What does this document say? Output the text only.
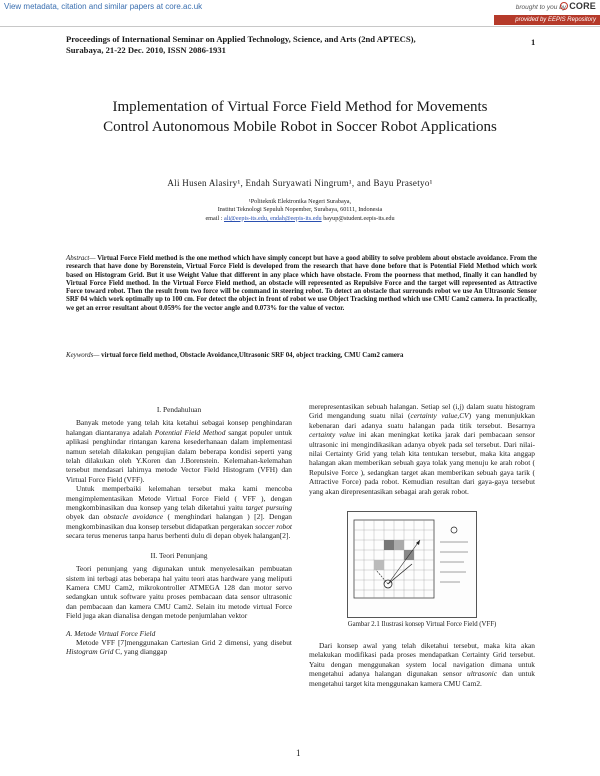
View metadata, citation and similar papers at core.ac.uk	brought to you by CORE
provided by EEPIS Repository
Proceedings of International Seminar on Applied Technology, Science, and Arts (2nd APTECS),
Surabaya, 21-22 Dec. 2010, ISSN 2086-1931
1
Implementation of Virtual Force Field Method for Movements Control Autonomous Mobile Robot in Soccer Robot Applications
Ali Husen Alasiry¹, Endah Suryawati Ningrum¹, and Bayu Prasetyo¹
¹Politeknik Elektronika Negeri Surabaya,
Institut Teknologi Sepuluh Nopember, Surabaya, 60111, Indonesia
email : ali@eepis-its.edu, endah@eepis-its.edu bayup@student.eepis-its.edu
Abstract— Virtual Force Field method is the one method which have simply concept but have a good ability to solve problem about obstacle avoidance. From the research that have done by Borenstein, Virtual Force Field is developed from the research that have done before that is Potential Field Method which work based on Histogram Grid. But it use Weight Value that different in any place which have obstacle. From the poorness that method, finally it can handled by Virtual Force Field method. In the Virtual Force Field method, an obstacle will represented as Repulsive Force and the target will represented as Attractive Force toward robot. Then the result from two force will be command in steering robot. To detect an obstacle that surrounds robot we use An Ultrasonic Sensor SRF 04 which work optimally up to 100 cm. For detect the object in front of robot we use Object Tracking method which use CMU Cam2 camera. In practically, we get an error resultant about 0.059% for the vector angle and 0.073% for the value of vector.
Keywords— virtual force field method, Obstacle Avoidance,Ultrasonic SRF 04, object tracking, CMU Cam2 camera
I. Pendahuluan

Banyak metode yang telah kita ketahui sebagai konsep penghindaran halangan diantaranya adalah Potential Field Method sangat populer untuk aplikasi penghindar rintangan karena kesederhanaan dalam implementasi namun setelah dilakukan pengujian dalam beberapa kondisi seperti yang telah dilakukan oleh Y.Koren dan J.Borenstein. Kelemahan-kelemahan tersebut mendasari lahirnya metode Vector Field Histogram (VFH) dan Virtual Force Field (VFF).

Untuk memperbaiki kelemahan tersebut maka kami mencoba mengimplementasikan Metode Virtual Force Field ( VFF ), dengan mengkombinasikan dua konsep yang telah diketahui yaitu target pursuing obyek dan obstacle avoidance ( menghindari halangan ) [2]. Dengan mengkombinasikan dua konsep tersebut didapatkan pergerakan soccer robot secara terus menerus tanpa harus berhenti dulu di depan obyek halangan[2].

II. Teori Penunjang

Teori penunjang yang digunakan untuk menyelesaikan pembuatan sistem ini terbagi atas beberapa hal yaitu teori atas hardware yang meliputi Kamera CMU Cam2, mikrokontroller ATMEGA 128 dan motor servo sedangkan untuk software yaitu proses pembacaan data sensor ultrasonic dan pembacaan dan kamera CMU Cam2. Selain itu metode virtual Force Field juga akan dianalisa dengan metode penjumlahan vektor

A. Metode Virtual Force Field

Metode VFF [7]menggunakan Cartesian Grid 2 dimensi, yang disebut Histogram Grid C, yang dianggap

merepresentasikan sebuah halangan. Setiap sel (i,j) dalam suatu histogram Grid mengandung suatu nilai (certainty value,CV) yang menunjukkan kebenaran dari adanya suatu halangan pada titik tersebut. Besarnya certainty value ini akan meningkat ketika jarak dari pembacaan sensor ultrasonic ini mengindikasikan adanya obyek pada sel tersebut. Dari nilai-nilai Certainty Grid yang telah kita tentukan tersebut, maka kita anggap halangan akan memberikan sebuah gaya tolak yang menuju ke arah robot ( Repulsive Force ), sedangkan target akan memberikan sebuah gaya tarik ( Attractive Force) pada robot. Kemudian resultan dari gaya-gaya tersebut yang akan direpresentasikan sebagai arah gerak robot.

Gambar 2.1 Ilustrasi konsep Virtual Force Field (VFF)

Dari konsep awal yang telah diketahui tersebut, maka kita akan melakukan modifikasi pada proses mendapatkan Certainty Grid tersebut. Yaitu dengan menggunakan system local navigation dimana untuk mengetahui adanya halangan digunakan sensor ultrasonic dan untuk mengetahui target kita menggunakan kamera CMU Cam2.

1
